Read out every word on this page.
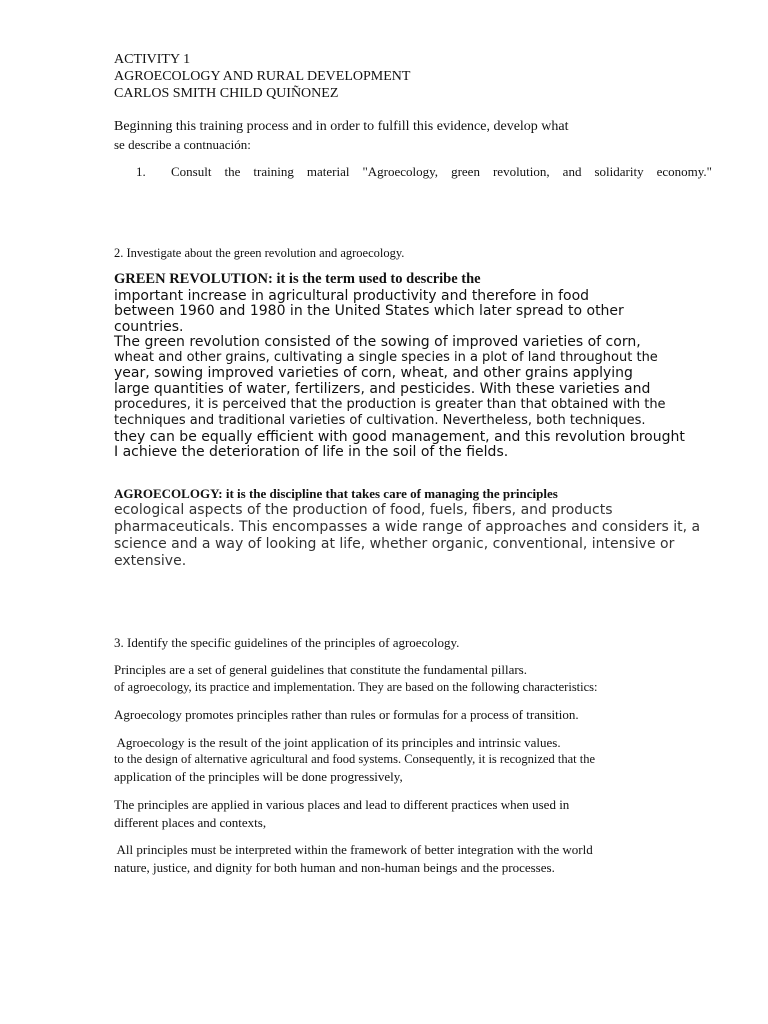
ACTIVITY 1
AGROECOLOGY AND RURAL DEVELOPMENT
CARLOS SMITH CHILD QUIÑONEZ
Beginning this training process and in order to fulfill this evidence, develop what
se describe a contnuación:
1.	Consult the training material "Agroecology, green revolution, and solidarity economy."
2. Investigate about the green revolution and agroecology.
GREEN REVOLUTION: it is the term used to describe the
important increase in agricultural productivity and therefore in food
between 1960 and 1980 in the United States which later spread to other
countries.
The green revolution consisted of the sowing of improved varieties of corn,
wheat and other grains, cultivating a single species in a plot of land throughout the
year, sowing improved varieties of corn, wheat, and other grains applying
large quantities of water, fertilizers, and pesticides. With these varieties and
procedures, it is perceived that the production is greater than that obtained with the
techniques and traditional varieties of cultivation. Nevertheless, both techniques.
they can be equally efficient with good management, and this revolution brought
I achieve the deterioration of life in the soil of the fields.
AGROECOLOGY: it is the discipline that takes care of managing the principles
ecological aspects of the production of food, fuels, fibers, and products
pharmaceuticals. This encompasses a wide range of approaches and considers it, a
science and a way of looking at life, whether organic, conventional, intensive or
extensive.
3. Identify the specific guidelines of the principles of agroecology.
Principles are a set of general guidelines that constitute the fundamental pillars.
of agroecology, its practice and implementation. They are based on the following characteristics:
Agroecology promotes principles rather than rules or formulas for a process of transition.
Agroecology is the result of the joint application of its principles and intrinsic values.
to the design of alternative agricultural and food systems. Consequently, it is recognized that the
application of the principles will be done progressively,
The principles are applied in various places and lead to different practices when used in
different places and contexts,
All principles must be interpreted within the framework of better integration with the world
nature, justice, and dignity for both human and non-human beings and the processes.
